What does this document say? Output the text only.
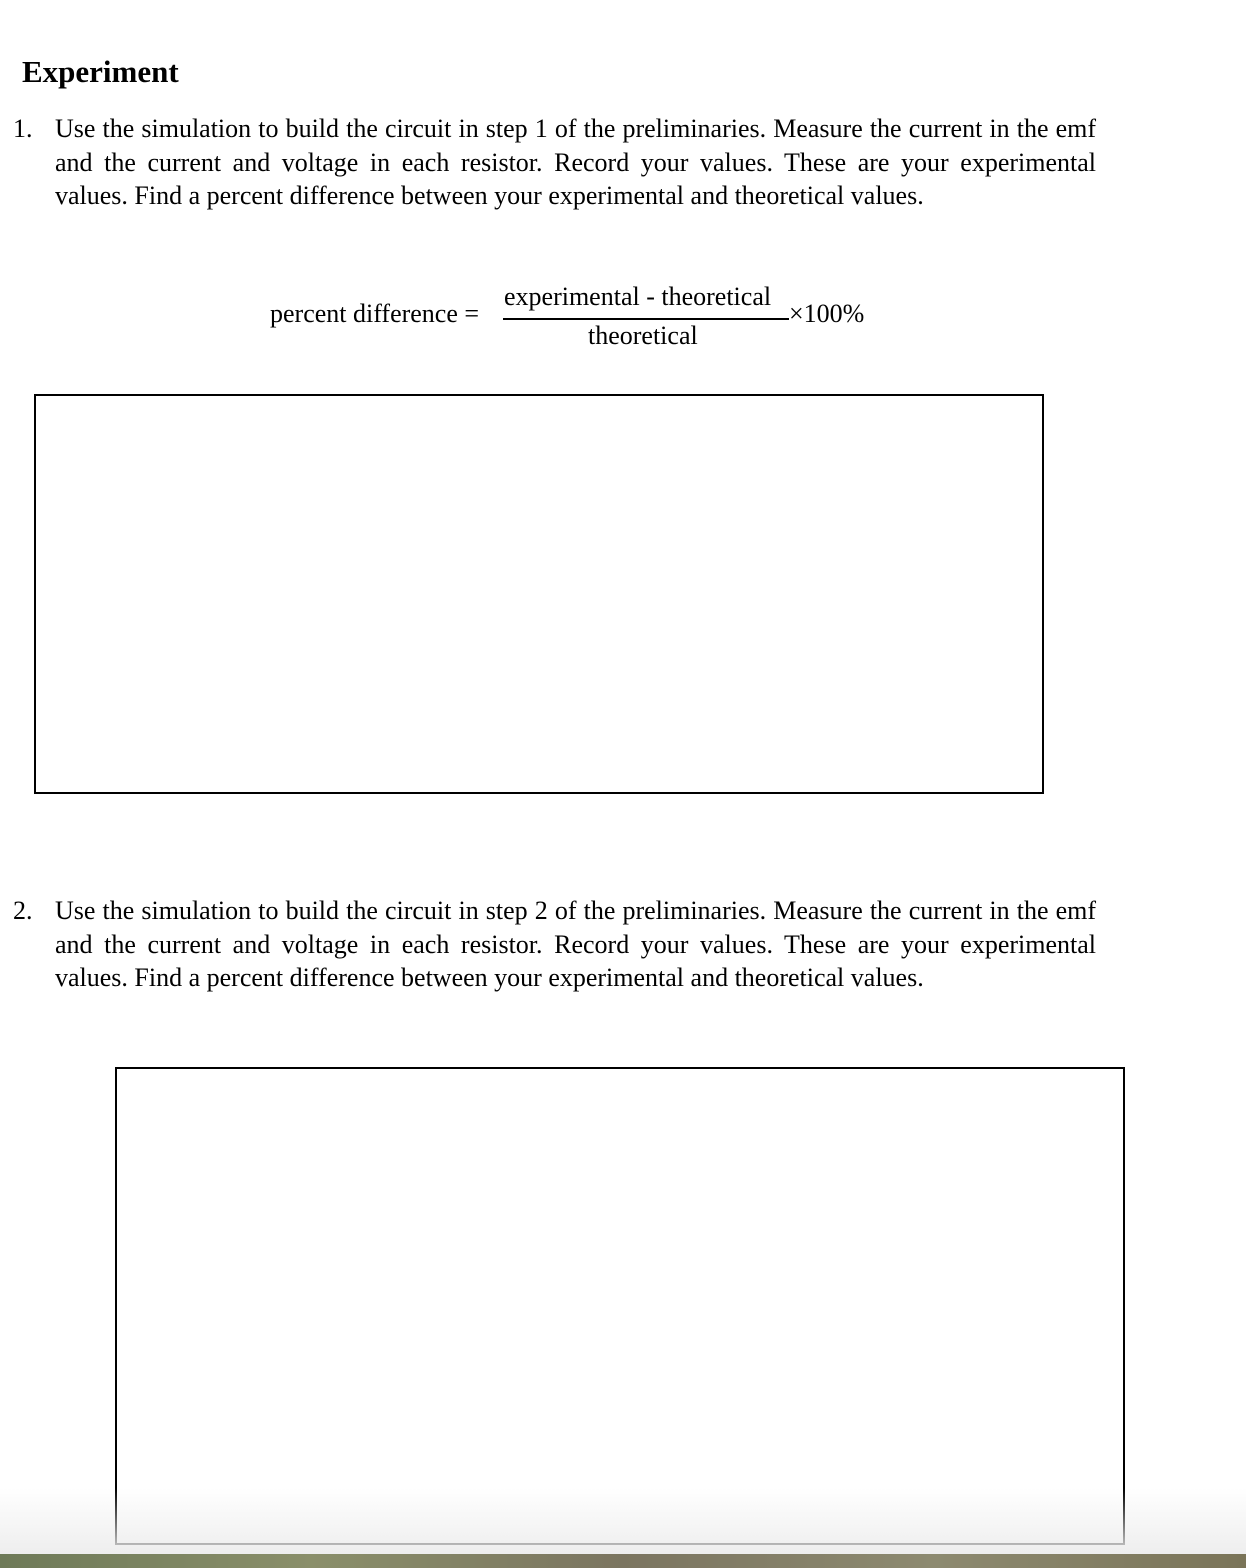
Experiment
1. Use the simulation to build the circuit in step 1 of the preliminaries. Measure the current in the emf and the current and voltage in each resistor. Record your values. These are your experimental values. Find a percent difference between your experimental and theoretical values.

percent difference =
experimental - theoretical
theoretical
×100%
2. Use the simulation to build the circuit in step 2 of the preliminaries. Measure the current in the emf and the current and voltage in each resistor. Record your values. These are your experimental values. Find a percent difference between your experimental and theoretical values.
